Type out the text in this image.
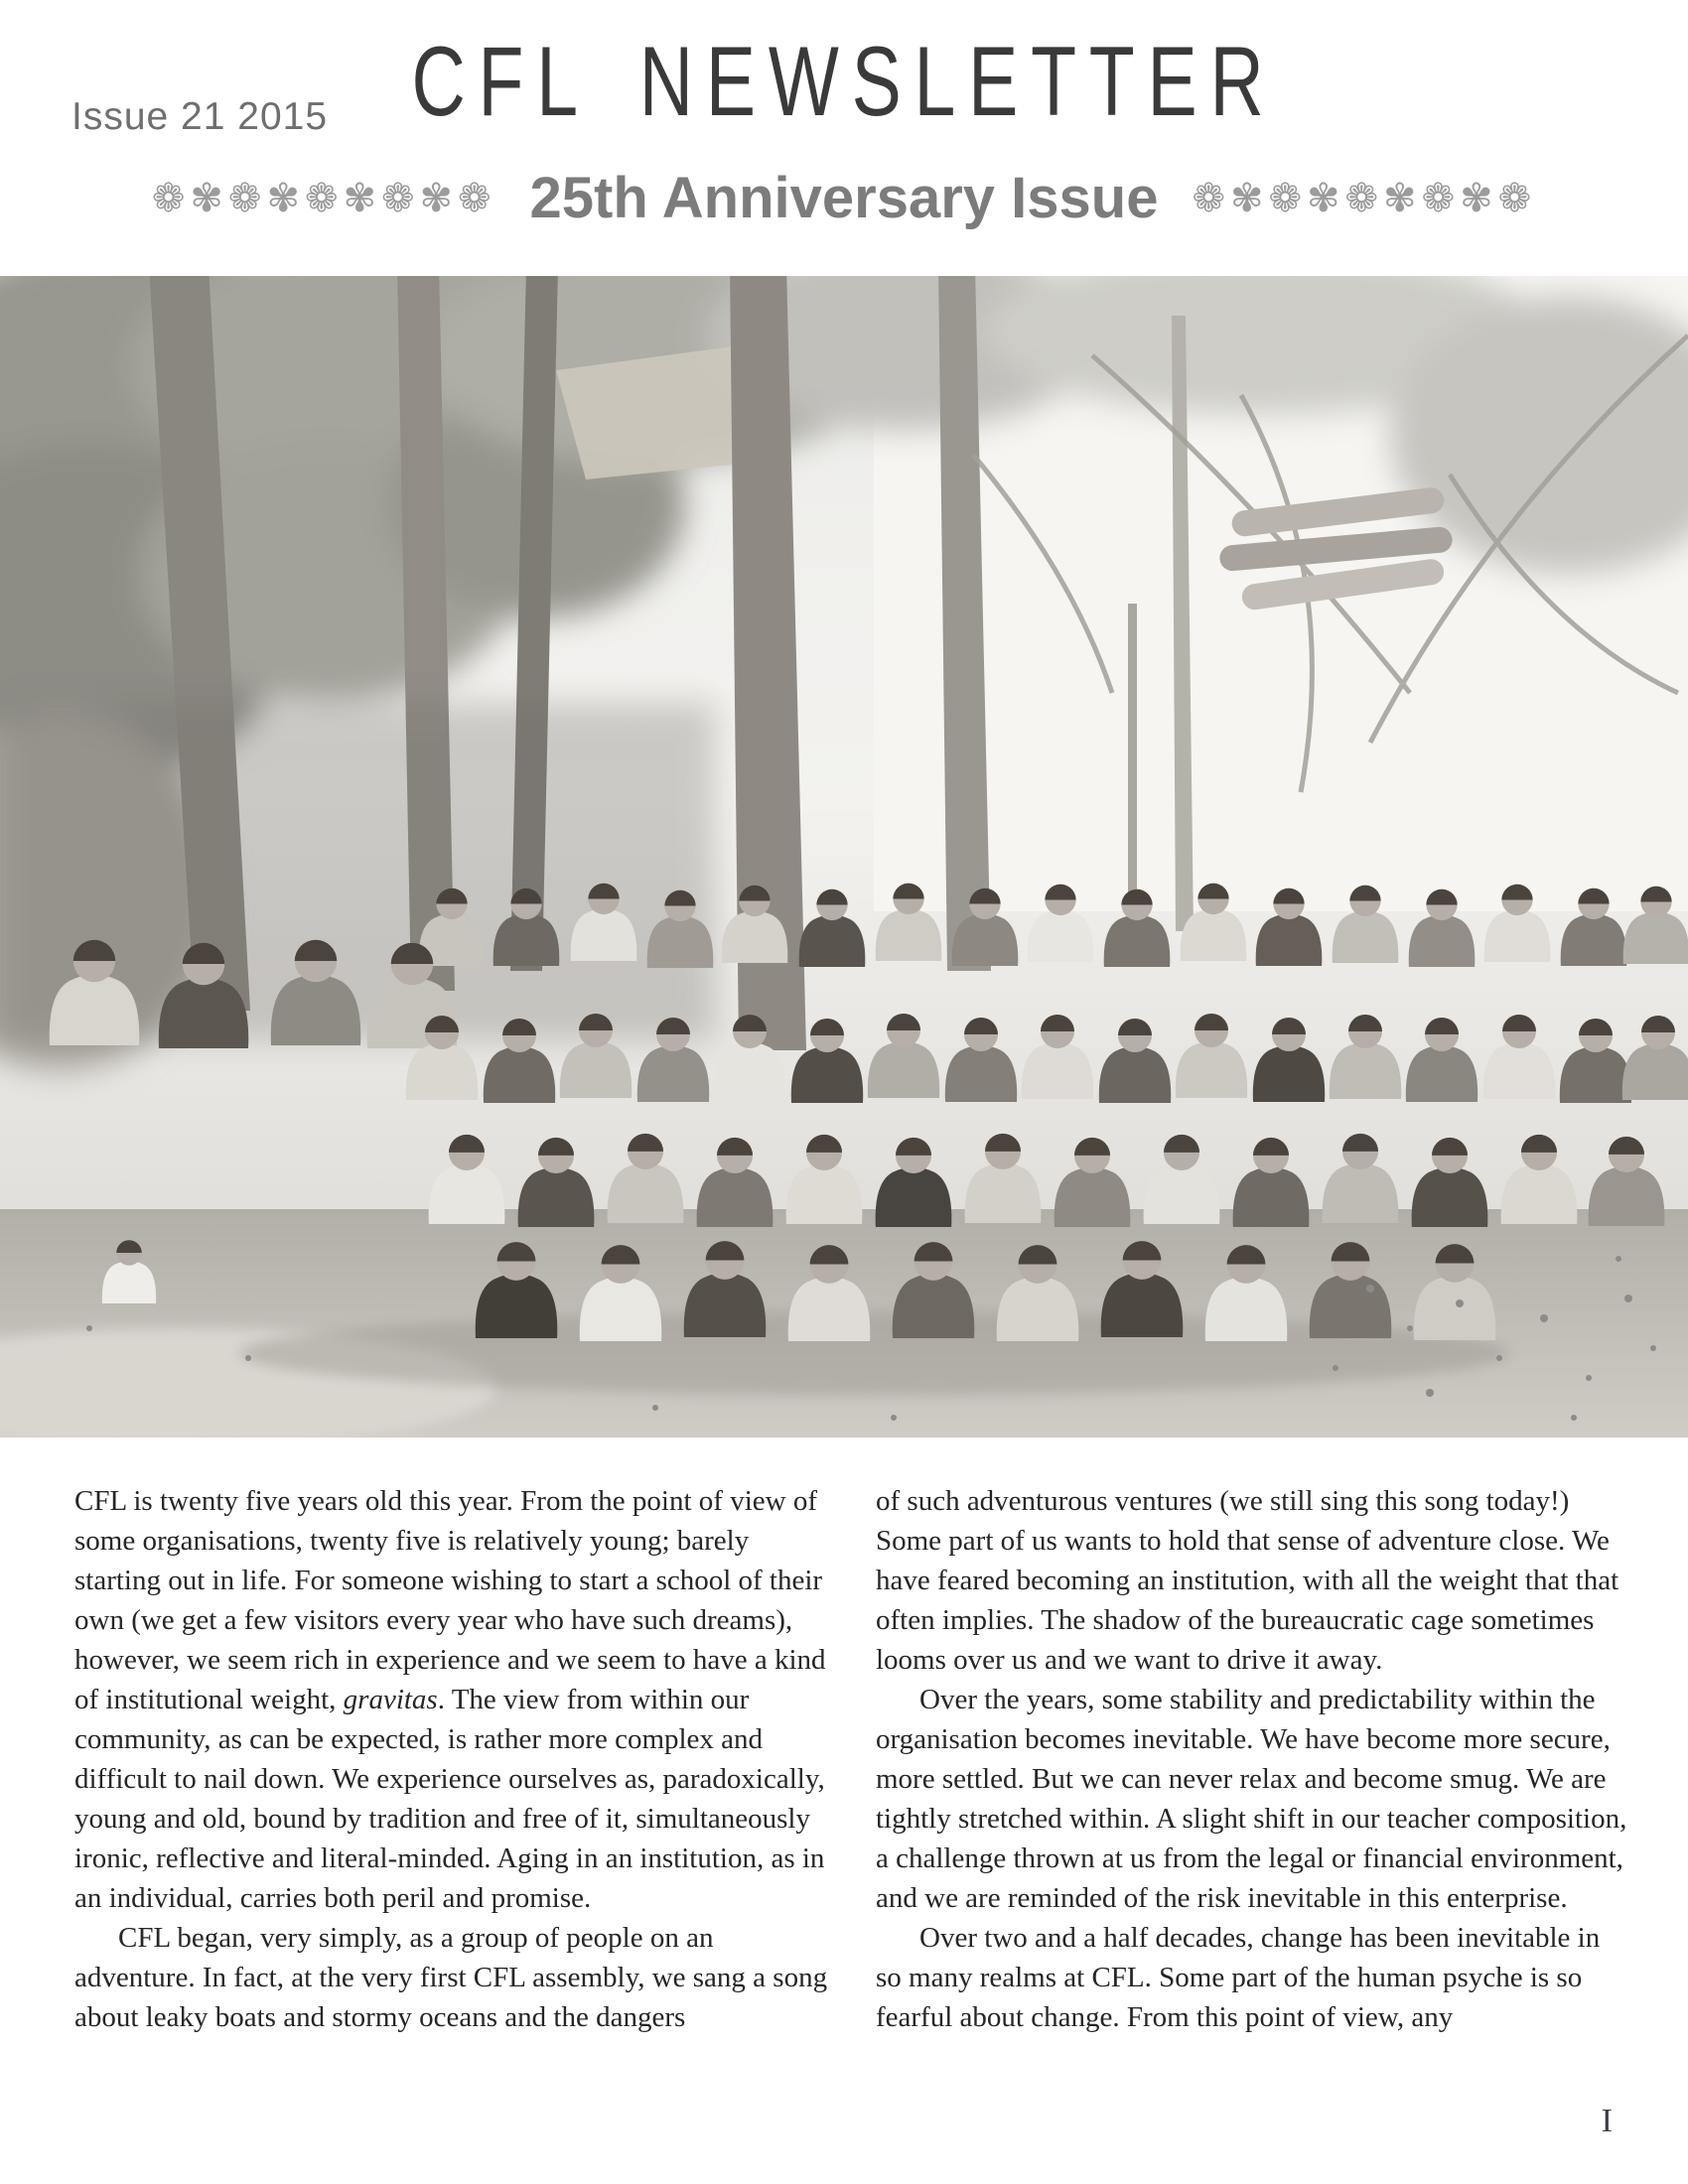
Issue 21 2015 CFL NEWSLETTER
❁✾❁✾❁✾❁✾❁ 25th Anniversary Issue ❁✾❁✾❁✾❁✾❁

CFL is twenty five years old this year. From the point of view of some organisations, twenty five is relatively young; barely starting out in life. For someone wishing to start a school of their own (we get a few visitors every year who have such dreams), however, we seem rich in experience and we seem to have a kind of institutional weight, gravitas. The view from within our community, as can be expected, is rather more complex and difficult to nail down. We experience ourselves as, paradoxically, young and old, bound by tradition and free of it, simultaneously ironic, reflective and literal-minded. Aging in an institution, as in an individual, carries both peril and promise.

CFL began, very simply, as a group of people on an adventure. In fact, at the very first CFL assembly, we sang a song about leaky boats and stormy oceans and the dangers

of such adventurous ventures (we still sing this song today!) Some part of us wants to hold that sense of adventure close. We have feared becoming an institution, with all the weight that that often implies. The shadow of the bureaucratic cage sometimes looms over us and we want to drive it away.

Over the years, some stability and predictability within the organisation becomes inevitable. We have become more secure, more settled. But we can never relax and become smug. We are tightly stretched within. A slight shift in our teacher composition, a challenge thrown at us from the legal or financial environment, and we are reminded of the risk inevitable in this enterprise.

Over two and a half decades, change has been inevitable in so many realms at CFL. Some part of the human psyche is so fearful about change. From this point of view, any

I
